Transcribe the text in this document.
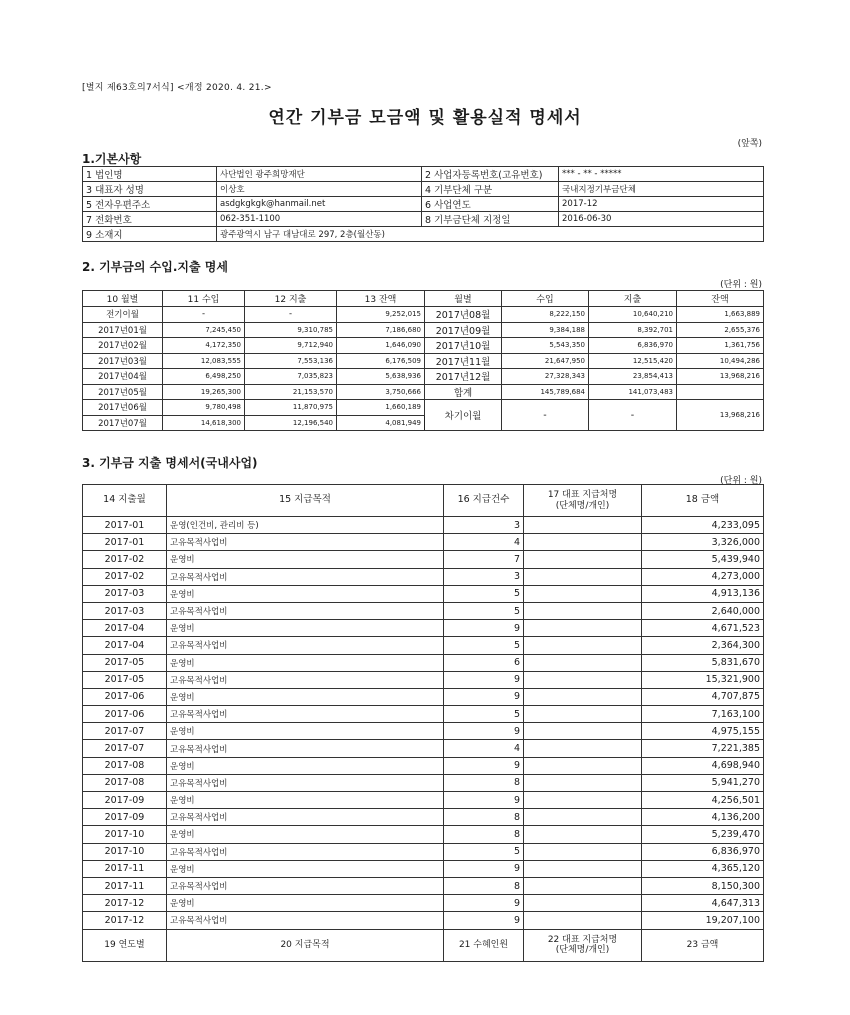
[별지 제63호의7서식] <개정 2020. 4. 21.>
연간 기부금 모금액 및 활용실적 명세서
(앞쪽)
1.기본사항
1 법인명	사단법인 광주희망재단	2 사업자등록번호(고유번호)	*** - ** - *****
3 대표자 성명	이상호	4 기부단체 구분	국내지정기부금단체
5 전자우편주소	asdgkgkgk@hanmail.net	6 사업연도	2017-12
7 전화번호	062-351-1100	8 기부금단체 지정일	2016-06-30
9 소재지	광주광역시 남구 대남대로 297, 2층(월산동)		
2. 기부금의 수입.지출 명세
(단위 : 원)
10 월별	11 수입	12 지출	13 잔액	월별	수입	지출	잔액
전기이월	-	-	9,252,015	2017년08월	8,222,150	10,640,210	1,663,889
2017년01월	7,245,450	9,310,785	7,186,680	2017년09월	9,384,188	8,392,701	2,655,376
2017년02월	4,172,350	9,712,940	1,646,090	2017년10월	5,543,350	6,836,970	1,361,756
2017년03월	12,083,555	7,553,136	6,176,509	2017년11월	21,647,950	12,515,420	10,494,286
2017년04월	6,498,250	7,035,823	5,638,936	2017년12월	27,328,343	23,854,413	13,968,216
2017년05월	19,265,300	21,153,570	3,750,666	합계	145,789,684	141,073,483	
2017년06월	9,780,498	11,870,975	1,660,189	차기이월	-	-	13,968,216
2017년07월	14,618,300	12,196,540	4,081,949				
3. 기부금 지출 명세서(국내사업)
(단위 : 원)
14 지출월	15 지급목적	16 지급건수	17 대표 지급처명
(단체명/개인)	18 금액
2017-01	운영(인건비, 관리비 등)	3		4,233,095
2017-01	고유목적사업비	4		3,326,000
2017-02	운영비	7		5,439,940
2017-02	고유목적사업비	3		4,273,000
2017-03	운영비	5		4,913,136
2017-03	고유목적사업비	5		2,640,000
2017-04	운영비	9		4,671,523
2017-04	고유목적사업비	5		2,364,300
2017-05	운영비	6		5,831,670
2017-05	고유목적사업비	9		15,321,900
2017-06	운영비	9		4,707,875
2017-06	고유목적사업비	5		7,163,100
2017-07	운영비	9		4,975,155
2017-07	고유목적사업비	4		7,221,385
2017-08	운영비	9		4,698,940
2017-08	고유목적사업비	8		5,941,270
2017-09	운영비	9		4,256,501
2017-09	고유목적사업비	8		4,136,200
2017-10	운영비	8		5,239,470
2017-10	고유목적사업비	5		6,836,970
2017-11	운영비	9		4,365,120
2017-11	고유목적사업비	8		8,150,300
2017-12	운영비	9		4,647,313
2017-12	고유목적사업비	9		19,207,100
19 연도별	20 지급목적	21 수혜인원	22 대표 지급처명
(단체명/개인)	23 금액
